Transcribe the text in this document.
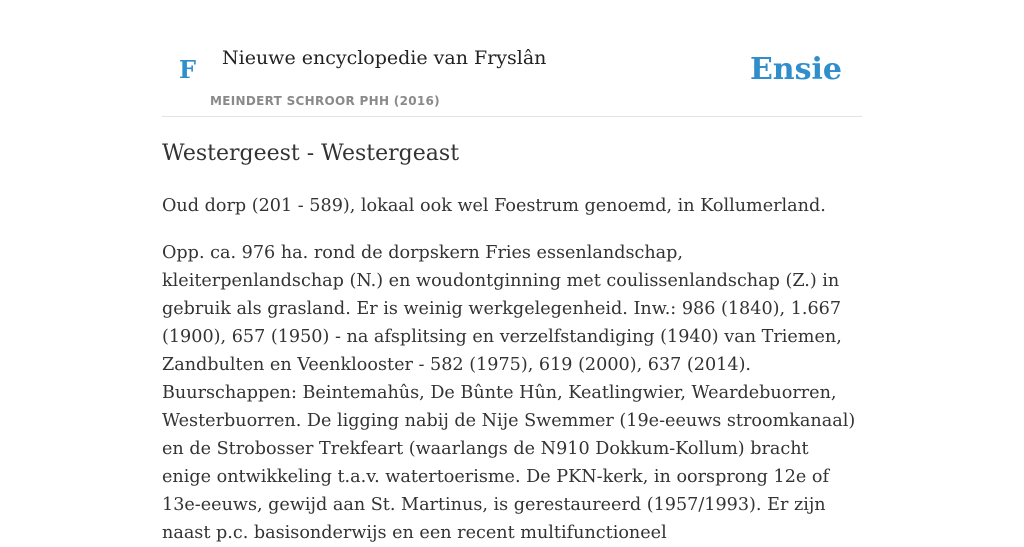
F Nieuwe encyclopedie van Fryslân
MEINDERT SCHROOR PHH (2016)
Ensie
Westergeest - Westergeast

Oud dorp (201 - 589), lokaal ook wel Foestrum genoemd, in Kollumerland.

Opp. ca. 976 ha. rond de dorpskern Fries essenlandschap, kleiterpenlandschap (N.) en woudontginning met coulissenlandschap (Z.) in gebruik als grasland. Er is weinig werkgelegenheid. Inw.: 986 (1840), 1.667 (1900), 657 (1950) - na afsplitsing en verzelfstandiging (1940) van Triemen, Zandbulten en Veenklooster - 582 (1975), 619 (2000), 637 (2014). Buurschappen: Beintemahûs, De Bûnte Hûn, Keatlingwier, Weardebuorren, Westerbuorren. De ligging nabij de Nije Swemmer (19e-eeuws stroomkanaal) en de Strobosser Trekfeart (waarlangs de N910 Dokkum-Kollum) bracht enige ontwikkeling t.a.v. watertoerisme. De PKN-kerk, in oorsprong 12e of 13e-eeuws, gewijd aan St. Martinus, is gerestaureerd (1957/1993). Er zijn naast p.c. basisonderwijs en een recent multifunctioneel
